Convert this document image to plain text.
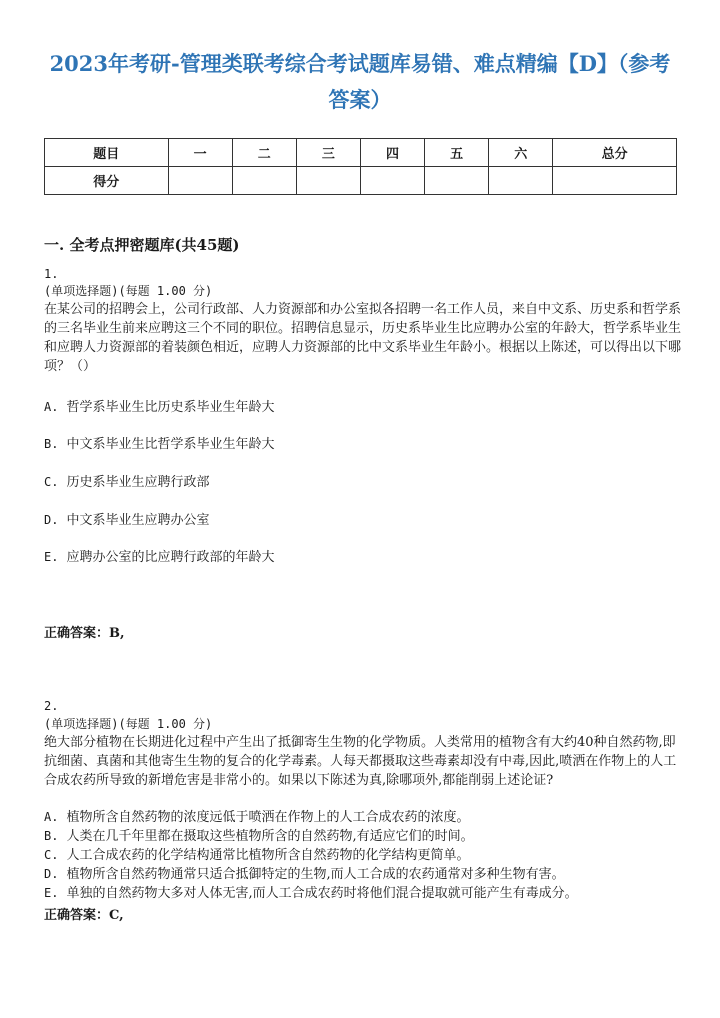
2023年考研-管理类联考综合考试题库易错、难点精编【D】（参考答案）
题目	一	二	三	四	五	六	总分
得分							
一. 全考点押密题库(共45题)
1.
(单项选择题)(每题 1.00 分)
在某公司的招聘会上，公司行政部、人力资源部和办公室拟各招聘一名工作人员，来自中文系、历史系和哲学系的三名毕业生前来应聘这三个不同的职位。招聘信息显示，历史系毕业生比应聘办公室的年龄大，哲学系毕业生和应聘人力资源部的着装颜色相近，应聘人力资源部的比中文系毕业生年龄小。根据以上陈述，可以得出以下哪项？（）
A. 哲学系毕业生比历史系毕业生年龄大
B. 中文系毕业生比哲学系毕业生年龄大
C. 历史系毕业生应聘行政部
D. 中文系毕业生应聘办公室
E. 应聘办公室的比应聘行政部的年龄大
正确答案：B,
2.
(单项选择题)(每题 1.00 分)
绝大部分植物在长期进化过程中产生出了抵御寄生生物的化学物质。人类常用的植物含有大约40种自然药物,即抗细菌、真菌和其他寄生生物的复合的化学毒素。人每天都摄取这些毒素却没有中毒,因此,喷洒在作物上的人工合成农药所导致的新增危害是非常小的。如果以下陈述为真,除哪项外,都能削弱上述论证?
A. 植物所含自然药物的浓度远低于喷洒在作物上的人工合成农药的浓度。
B. 人类在几千年里都在摄取这些植物所含的自然药物,有适应它们的时间。
C. 人工合成农药的化学结构通常比植物所含自然药物的化学结构更简单。
D. 植物所含自然药物通常只适合抵御特定的生物,而人工合成的农药通常对多种生物有害。
E. 单独的自然药物大多对人体无害,而人工合成农药时将他们混合提取就可能产生有毒成分。
正确答案：C,
